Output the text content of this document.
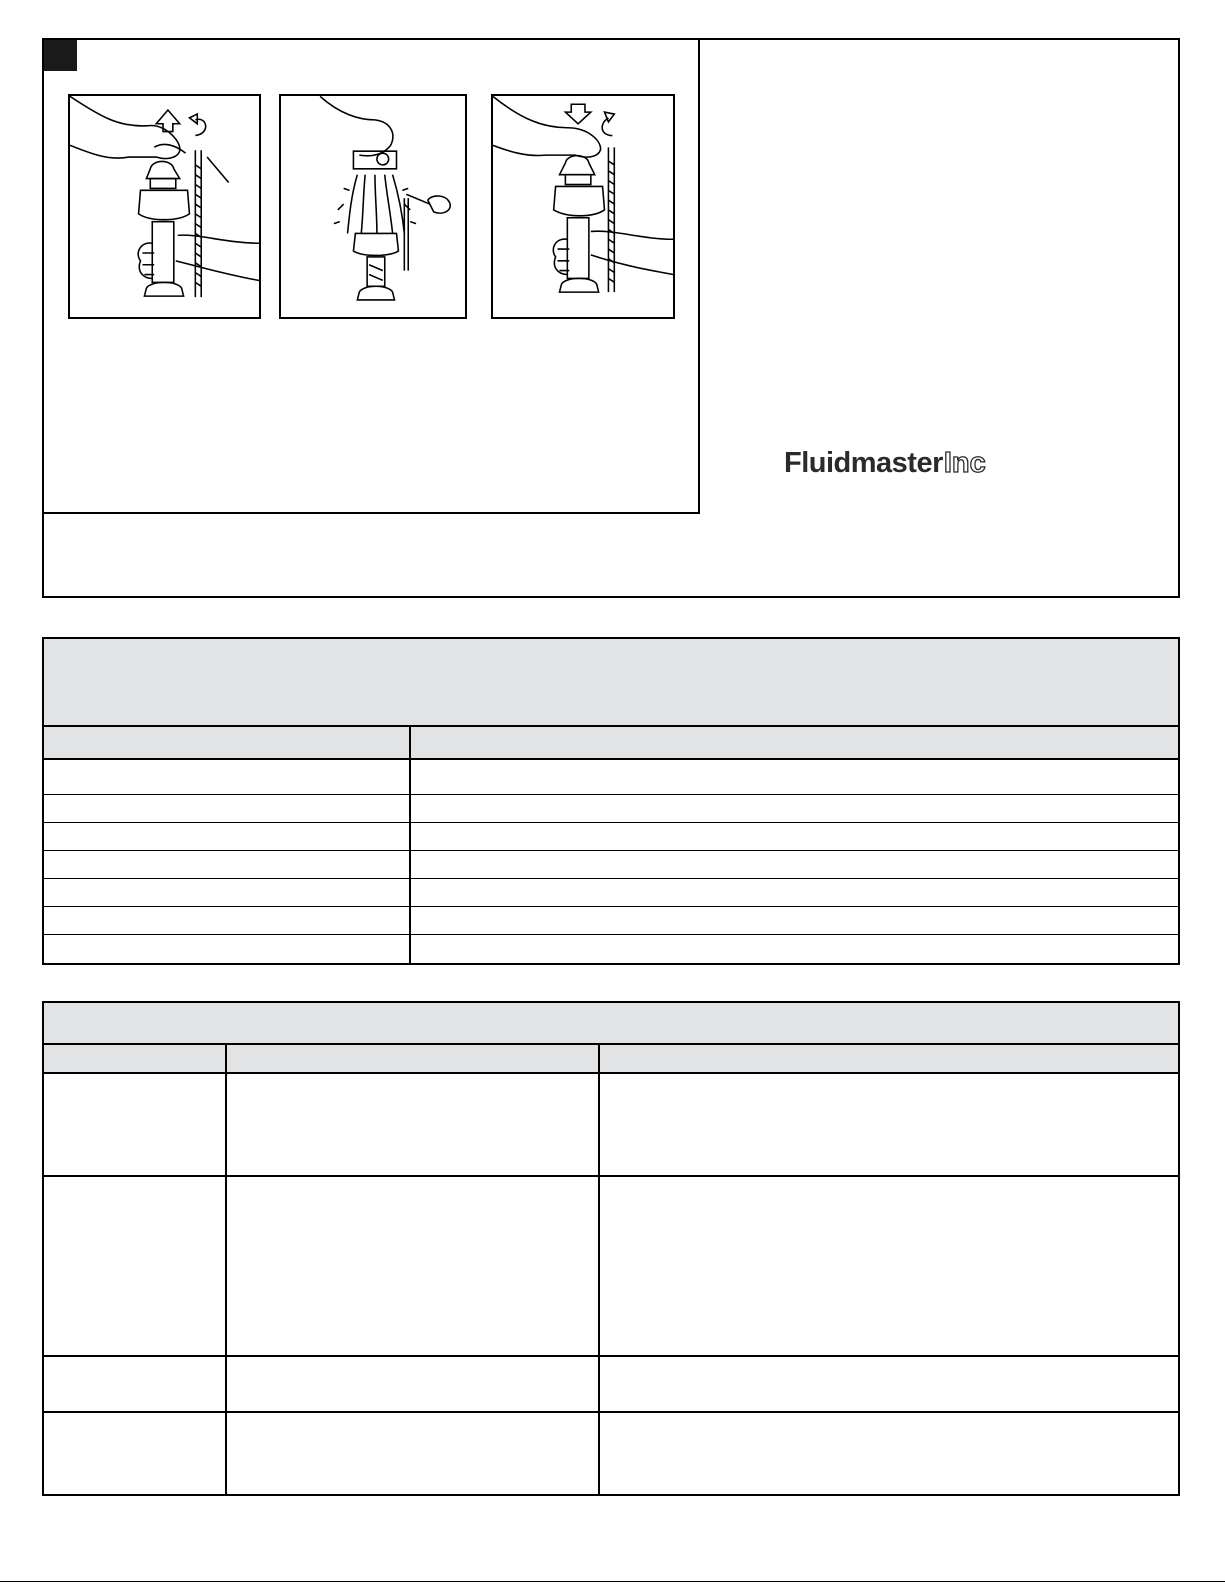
FluidmasterInc
